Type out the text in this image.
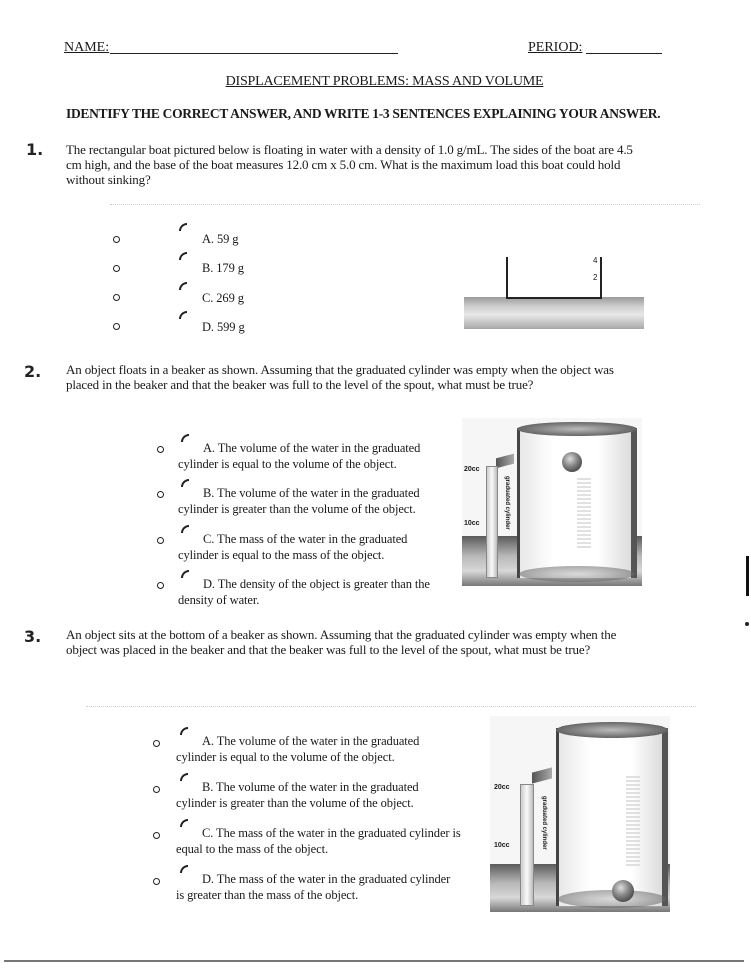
NAME:	PERIOD:
DISPLACEMENT PROBLEMS: MASS AND VOLUME
IDENTIFY THE CORRECT ANSWER, AND WRITE 1-3 SENTENCES EXPLAINING YOUR ANSWER.
1. The rectangular boat pictured below is floating in water with a density of 1.0 g/mL. The sides of the boat are 4.5
cm high, and the base of the boat measures 12.0 cm x 5.0 cm. What is the maximum load this boat could hold
without sinking?
A. 59 g
B. 179 g
C. 269 g
D. 599 g
4
2
2. An object floats in a beaker as shown. Assuming that the graduated cylinder was empty when the object was
placed in the beaker and that the beaker was full to the level of the spout, what must be true?
A. The volume of the water in the graduated
cylinder is equal to the volume of the object.
B. The volume of the water in the graduated
cylinder is greater than the volume of the object.
C. The mass of the water in the graduated
cylinder is equal to the mass of the object.
D. The density of the object is greater than the
density of water.
20cc
10cc	graduated cylinder
3. An object sits at the bottom of a beaker as shown. Assuming that the graduated cylinder was empty when the
object was placed in the beaker and that the beaker was full to the level of the spout, what must be true?
A. The volume of the water in the graduated
cylinder is equal to the volume of the object.
B. The volume of the water in the graduated
cylinder is greater than the volume of the object.
C. The mass of the water in the graduated cylinder is
equal to the mass of the object.
D. The mass of the water in the graduated cylinder
is greater than the mass of the object.
20cc
10cc	graduated cylinder
